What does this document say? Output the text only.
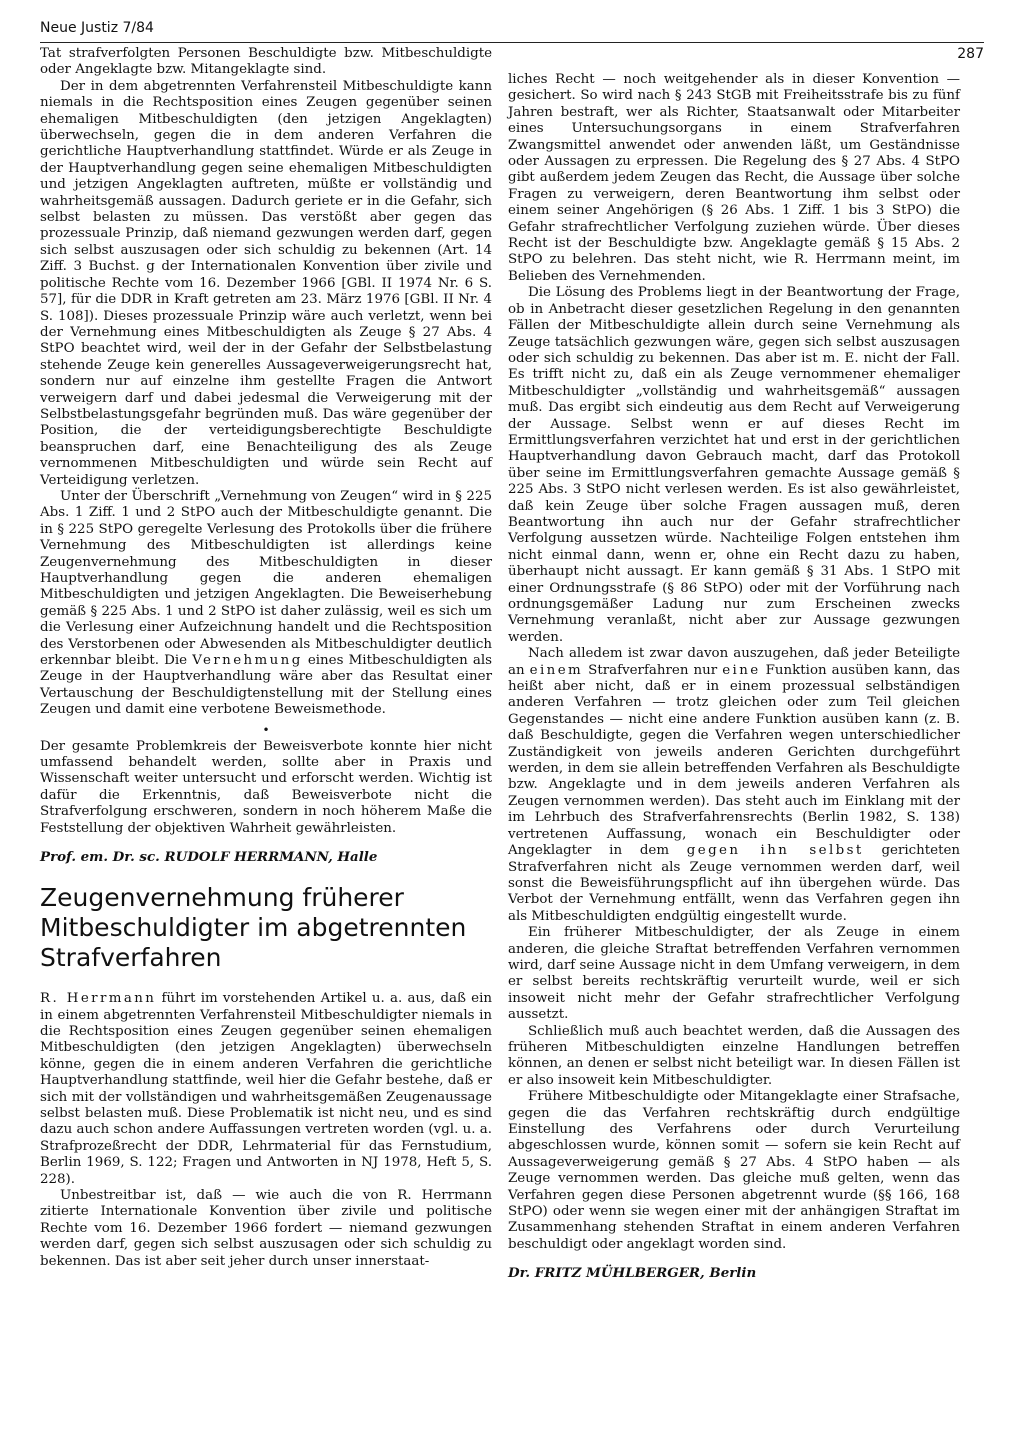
Neue Justiz 7/84
287

Tat strafverfolgten Personen Beschuldigte bzw. Mitbeschuldigte oder Angeklagte bzw. Mitangeklagte sind.

Der in dem abgetrennten Verfahrensteil Mitbeschuldigte kann niemals in die Rechtsposition eines Zeugen gegenüber seinen ehemaligen Mitbeschuldigten (den jetzigen Angeklagten) überwechseln, gegen die in dem anderen Verfahren die gerichtliche Hauptverhandlung stattfindet. Würde er als Zeuge in der Hauptverhandlung gegen seine ehemaligen Mitbeschuldigten und jetzigen Angeklagten auftreten, müßte er vollständig und wahrheitsgemäß aussagen. Dadurch geriete er in die Gefahr, sich selbst belasten zu müssen. Das verstößt aber gegen das prozessuale Prinzip, daß niemand gezwungen werden darf, gegen sich selbst auszusagen oder sich schuldig zu bekennen (Art. 14 Ziff. 3 Buchst. g der Internationalen Konvention über zivile und politische Rechte vom 16. Dezember 1966 [GBl. II 1974 Nr. 6 S. 57], für die DDR in Kraft getreten am 23. März 1976 [GBl. II Nr. 4 S. 108]). Dieses prozessuale Prinzip wäre auch verletzt, wenn bei der Vernehmung eines Mitbeschuldigten als Zeuge § 27 Abs. 4 StPO beachtet wird, weil der in der Gefahr der Selbstbelastung stehende Zeuge kein generelles Aussageverweigerungsrecht hat, sondern nur auf einzelne ihm gestellte Fragen die Antwort verweigern darf und dabei jedesmal die Verweigerung mit der Selbstbelastungsgefahr begründen muß. Das wäre gegenüber der Position, die der verteidigungsberechtigte Beschuldigte beanspruchen darf, eine Benachteiligung des als Zeuge vernommenen Mitbeschuldigten und würde sein Recht auf Verteidigung verletzen.

Unter der Überschrift „Vernehmung von Zeugen“ wird in § 225 Abs. 1 Ziff. 1 und 2 StPO auch der Mitbeschuldigte genannt. Die in § 225 StPO geregelte Verlesung des Protokolls über die frühere Vernehmung des Mitbeschuldigten ist allerdings keine Zeugenvernehmung des Mitbeschuldigten in dieser Hauptverhandlung gegen die anderen ehemaligen Mitbeschuldigten und jetzigen Angeklagten. Die Beweiserhebung gemäß § 225 Abs. 1 und 2 StPO ist daher zulässig, weil es sich um die Verlesung einer Aufzeichnung handelt und die Rechtsposition des Verstorbenen oder Abwesenden als Mitbeschuldigter deutlich erkennbar bleibt. Die Vernehmung eines Mitbeschuldigten als Zeuge in der Hauptverhandlung wäre aber das Resultat einer Vertauschung der Beschuldigtenstellung mit der Stellung eines Zeugen und damit eine verbotene Beweismethode.

•

Der gesamte Problemkreis der Beweisverbote konnte hier nicht umfassend behandelt werden, sollte aber in Praxis und Wissenschaft weiter untersucht und erforscht werden. Wichtig ist dafür die Erkenntnis, daß Beweisverbote nicht die Strafverfolgung erschweren, sondern in noch höherem Maße die Feststellung der objektiven Wahrheit gewährleisten.

Prof. em. Dr. sc. RUDOLF HERRMANN, Halle

Zeugenvernehmung früherer Mitbeschuldigter im abgetrennten Strafverfahren

R. Herrmann führt im vorstehenden Artikel u. a. aus, daß ein in einem abgetrennten Verfahrensteil Mitbeschuldigter niemals in die Rechtsposition eines Zeugen gegenüber seinen ehemaligen Mitbeschuldigten (den jetzigen Angeklagten) überwechseln könne, gegen die in einem anderen Verfahren die gerichtliche Hauptverhandlung stattfinde, weil hier die Gefahr bestehe, daß er sich mit der vollständigen und wahrheitsgemäßen Zeugenaussage selbst belasten muß. Diese Problematik ist nicht neu, und es sind dazu auch schon andere Auffassungen vertreten worden (vgl. u. a. Strafprozeßrecht der DDR, Lehrmaterial für das Fernstudium, Berlin 1969, S. 122; Fragen und Antworten in NJ 1978, Heft 5, S. 228).

Unbestreitbar ist, daß — wie auch die von R. Herrmann zitierte Internationale Konvention über zivile und politische Rechte vom 16. Dezember 1966 fordert — niemand gezwungen werden darf, gegen sich selbst auszusagen oder sich schuldig zu bekennen. Das ist aber seit jeher durch unser innerstaat-

liches Recht — noch weitgehender als in dieser Konvention — gesichert. So wird nach § 243 StGB mit Freiheitsstrafe bis zu fünf Jahren bestraft, wer als Richter, Staatsanwalt oder Mitarbeiter eines Untersuchungsorgans in einem Strafverfahren Zwangsmittel anwendet oder anwenden läßt, um Geständnisse oder Aussagen zu erpressen. Die Regelung des § 27 Abs. 4 StPO gibt außerdem jedem Zeugen das Recht, die Aussage über solche Fragen zu verweigern, deren Beantwortung ihm selbst oder einem seiner Angehörigen (§ 26 Abs. 1 Ziff. 1 bis 3 StPO) die Gefahr strafrechtlicher Verfolgung zuziehen würde. Über dieses Recht ist der Beschuldigte bzw. Angeklagte gemäß § 15 Abs. 2 StPO zu belehren. Das steht nicht, wie R. Herrmann meint, im Belieben des Vernehmenden.

Die Lösung des Problems liegt in der Beantwortung der Frage, ob in Anbetracht dieser gesetzlichen Regelung in den genannten Fällen der Mitbeschuldigte allein durch seine Vernehmung als Zeuge tatsächlich gezwungen wäre, gegen sich selbst auszusagen oder sich schuldig zu bekennen. Das aber ist m. E. nicht der Fall. Es trifft nicht zu, daß ein als Zeuge vernommener ehemaliger Mitbeschuldigter „vollständig und wahrheitsgemäß“ aussagen muß. Das ergibt sich eindeutig aus dem Recht auf Verweigerung der Aussage. Selbst wenn er auf dieses Recht im Ermittlungsverfahren verzichtet hat und erst in der gerichtlichen Hauptverhandlung davon Gebrauch macht, darf das Protokoll über seine im Ermittlungsverfahren gemachte Aussage gemäß § 225 Abs. 3 StPO nicht verlesen werden. Es ist also gewährleistet, daß kein Zeuge über solche Fragen aussagen muß, deren Beantwortung ihn auch nur der Gefahr strafrechtlicher Verfolgung aussetzen würde. Nachteilige Folgen entstehen ihm nicht einmal dann, wenn er, ohne ein Recht dazu zu haben, überhaupt nicht aussagt. Er kann gemäß § 31 Abs. 1 StPO mit einer Ordnungsstrafe (§ 86 StPO) oder mit der Vorführung nach ordnungsgemäßer Ladung nur zum Erscheinen zwecks Vernehmung veranlaßt, nicht aber zur Aussage gezwungen werden.

Nach alledem ist zwar davon auszugehen, daß jeder Beteiligte an einem Strafverfahren nur eine Funktion ausüben kann, das heißt aber nicht, daß er in einem prozessual selbständigen anderen Verfahren — trotz gleichen oder zum Teil gleichen Gegenstandes — nicht eine andere Funktion ausüben kann (z. B. daß Beschuldigte, gegen die Verfahren wegen unterschiedlicher Zuständigkeit von jeweils anderen Gerichten durchgeführt werden, in dem sie allein betreffenden Verfahren als Beschuldigte bzw. Angeklagte und in dem jeweils anderen Verfahren als Zeugen vernommen werden). Das steht auch im Einklang mit der im Lehrbuch des Strafverfahrensrechts (Berlin 1982, S. 138) vertretenen Auffassung, wonach ein Beschuldigter oder Angeklagter in dem gegen ihn selbst gerichteten Strafverfahren nicht als Zeuge vernommen werden darf, weil sonst die Beweisführungspflicht auf ihn übergehen würde. Das Verbot der Vernehmung entfällt, wenn das Verfahren gegen ihn als Mitbeschuldigten endgültig eingestellt wurde.

Ein früherer Mitbeschuldigter, der als Zeuge in einem anderen, die gleiche Straftat betreffenden Verfahren vernommen wird, darf seine Aussage nicht in dem Umfang verweigern, in dem er selbst bereits rechtskräftig verurteilt wurde, weil er sich insoweit nicht mehr der Gefahr strafrechtlicher Verfolgung aussetzt.

Schließlich muß auch beachtet werden, daß die Aussagen des früheren Mitbeschuldigten einzelne Handlungen betreffen können, an denen er selbst nicht beteiligt war. In diesen Fällen ist er also insoweit kein Mitbeschuldigter.

Frühere Mitbeschuldigte oder Mitangeklagte einer Strafsache, gegen die das Verfahren rechtskräftig durch endgültige Einstellung des Verfahrens oder durch Verurteilung abgeschlossen wurde, können somit — sofern sie kein Recht auf Aussageverweigerung gemäß § 27 Abs. 4 StPO haben — als Zeuge vernommen werden. Das gleiche muß gelten, wenn das Verfahren gegen diese Personen abgetrennt wurde (§§ 166, 168 StPO) oder wenn sie wegen einer mit der anhängigen Straftat im Zusammenhang stehenden Straftat in einem anderen Verfahren beschuldigt oder angeklagt worden sind.

Dr. FRITZ MÜHLBERGER, Berlin
